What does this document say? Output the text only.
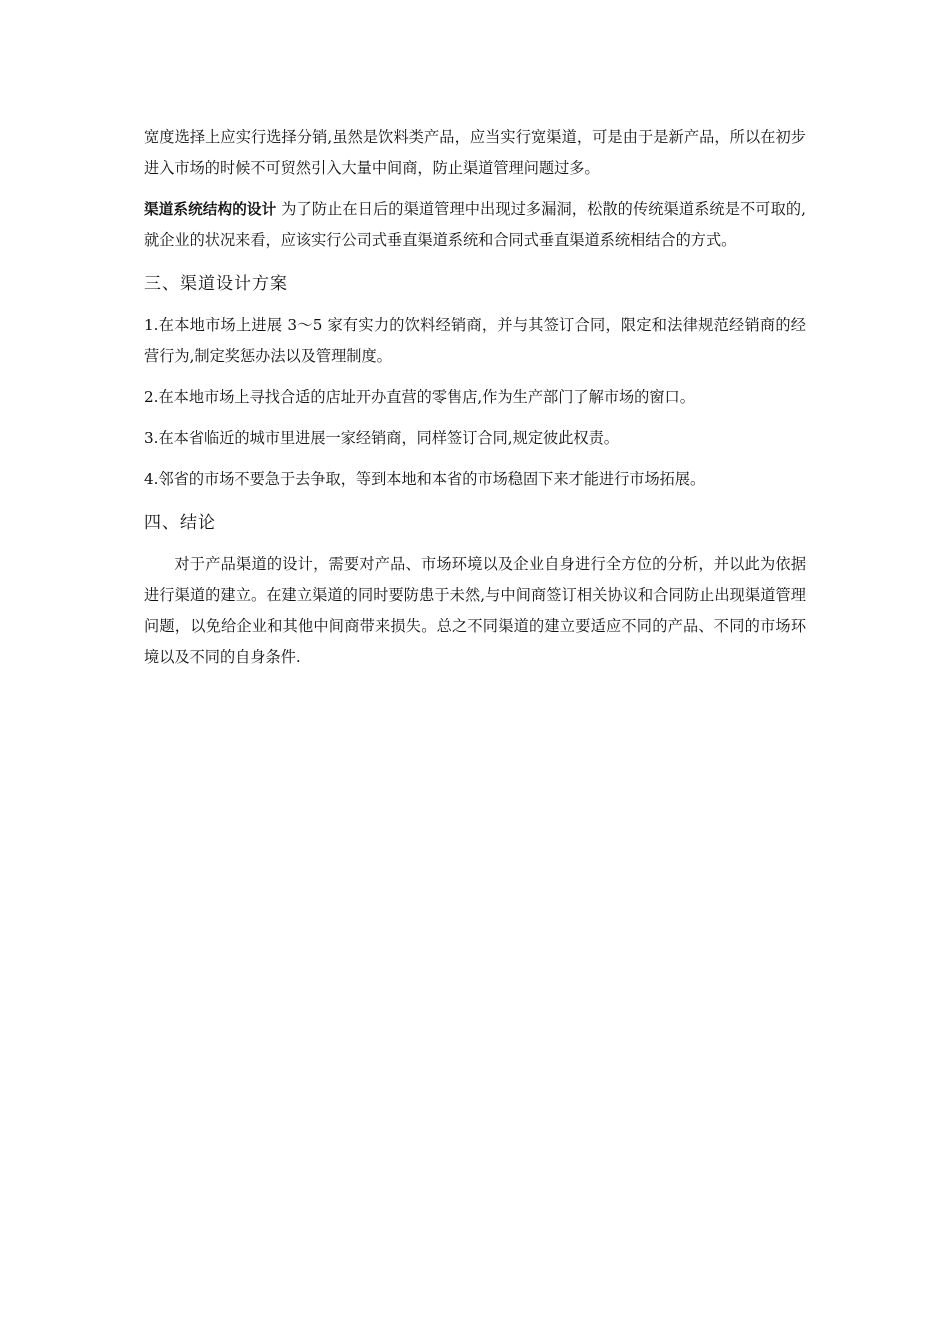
宽度选择上应实行选择分销,虽然是饮料类产品，应当实行宽渠道，可是由于是新产品，所以在初步进入市场的时候不可贸然引入大量中间商，防止渠道管理问题过多。

渠道系统结构的设计 为了防止在日后的渠道管理中出现过多漏洞，松散的传统渠道系统是不可取的,就企业的状况来看，应该实行公司式垂直渠道系统和合同式垂直渠道系统相结合的方式。

三、渠道设计方案

1.在本地市场上进展 3～5 家有实力的饮料经销商，并与其签订合同，限定和法律规范经销商的经营行为,制定奖惩办法以及管理制度。

2.在本地市场上寻找合适的店址开办直营的零售店,作为生产部门了解市场的窗口。

3.在本省临近的城市里进展一家经销商，同样签订合同,规定彼此权责。

4.邻省的市场不要急于去争取，等到本地和本省的市场稳固下来才能进行市场拓展。

四、结论

对于产品渠道的设计，需要对产品、市场环境以及企业自身进行全方位的分析，并以此为依据进行渠道的建立。在建立渠道的同时要防患于未然,与中间商签订相关协议和合同防止出现渠道管理问题，以免给企业和其他中间商带来损失。总之不同渠道的建立要适应不同的产品、不同的市场环境以及不同的自身条件.
